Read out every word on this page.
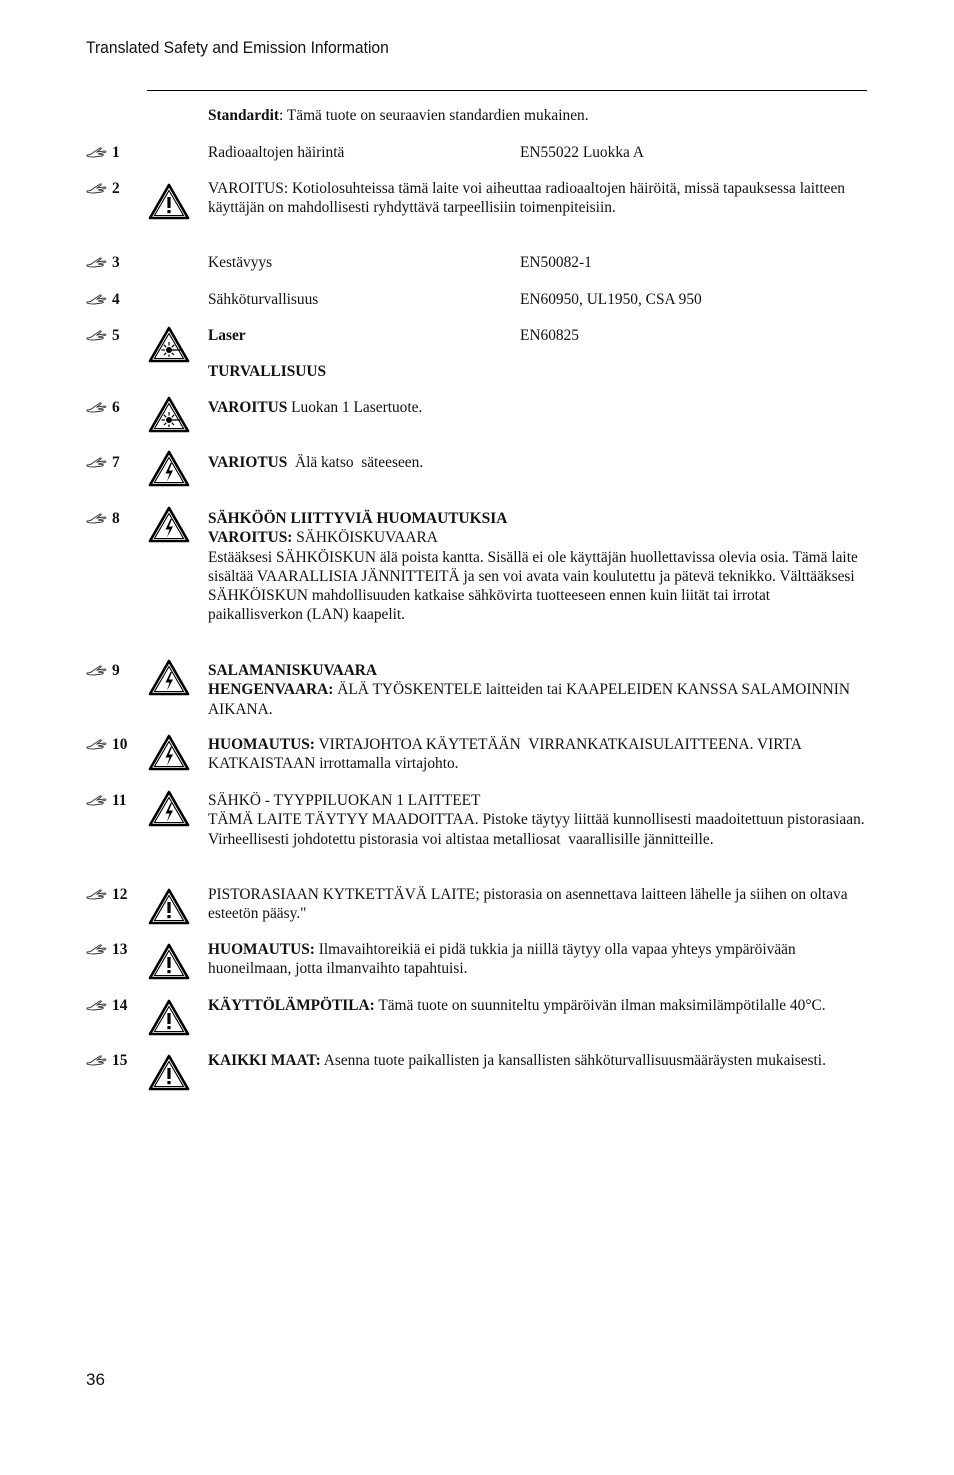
Translated Safety and Emission Information
Standardit: Tämä tuote on seuraavien standardien mukainen.
1	Radioaaltojen häirintä	EN55022 Luokka A
2	VAROITUS: Kotiolosuhteissa tämä laite voi aiheuttaa radioaaltojen häiröitä, missä tapauksessa laitteen käyttäjän on mahdollisesti ryhdyttävä tarpeellisiin toimenpiteisiin.
3	Kestävyys	EN50082-1
4	Sähköturvallisuus	EN60950, UL1950, CSA 950
5	Laser	EN60825
TURVALLISUUS
6	VAROITUS Luokan 1 Lasertuote.
7	VARIOTUS  Älä katso  säteeseen.
8	SÄHKÖÖN LIITTYVIÄ HUOMAUTUKSIA
VAROITUS: SÄHKÖISKUVAARA
Estääksesi SÄHKÖISKUN älä poista kantta. Sisällä ei ole käyttäjän huollettavissa olevia osia. Tämä laite sisältää VAARALLISIA JÄNNITTEITÄ ja sen voi avata vain koulutettu ja pätevä teknikko. Välttääksesi SÄHKÖISKUN mahdollisuuden katkaise sähkövirta tuotteeseen ennen kuin liität tai irrotat paikallisverkon (LAN) kaapelit.
9	SALAMANISKUVAARA
HENGENVAARA: ÄLÄ TYÖSKENTELE laitteiden tai KAAPELEIDEN KANSSA SALAMOINNIN AIKANA.
10	HUOMAUTUS: VIRTAJOHTOA KÄYTETÄÄN  VIRRANKATKAISULAITTEENA. VIRTA KATKAISTAAN irrottamalla virtajohto.
11	SÄHKÖ - TYYPPILUOKAN 1 LAITTEET
TÄMÄ LAITE TÄYTYY MAADOITTAA. Pistoke täytyy liittää kunnollisesti maadoitettuun pistorasiaan. Virheellisesti johdotettu pistorasia voi altistaa metalliosat  vaarallisille jännitteille.
12	PISTORASIAAN KYTKETTÄVÄ LAITE; pistorasia on asennettava laitteen lähelle ja siihen on oltava esteetön pääsy."
13	HUOMAUTUS: Ilmavaihtoreikiä ei pidä tukkia ja niillä täytyy olla vapaa yhteys ympäröivään huoneilmaan, jotta ilmanvaihto tapahtuisi.
14	KÄYTTÖLÄMPÖTILA: Tämä tuote on suunniteltu ympäröivän ilman maksimilämpötilalle 40°C.
15	KAIKKI MAAT: Asenna tuote paikallisten ja kansallisten sähköturvallisuusmääräysten mukaisesti.
36
